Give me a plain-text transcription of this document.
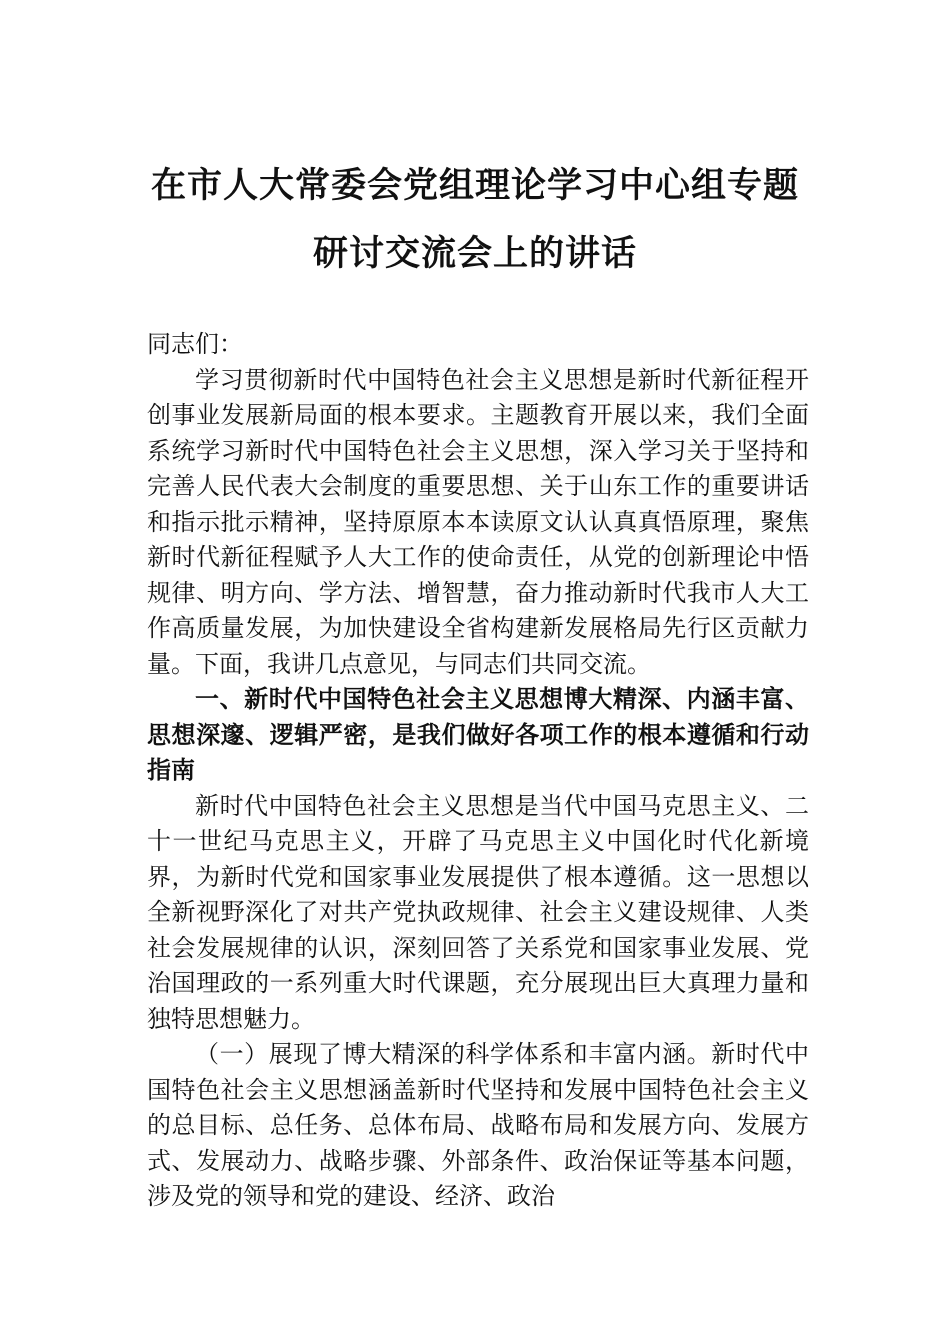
在市人大常委会党组理论学习中心组专题
研讨交流会上的讲话

同志们：

学习贯彻新时代中国特色社会主义思想是新时代新征程开创事业发展新局面的根本要求。主题教育开展以来，我们全面系统学习新时代中国特色社会主义思想，深入学习关于坚持和完善人民代表大会制度的重要思想、关于山东工作的重要讲话和指示批示精神，坚持原原本本读原文认认真真悟原理，聚焦新时代新征程赋予人大工作的使命责任，从党的创新理论中悟规律、明方向、学方法、增智慧，奋力推动新时代我市人大工作高质量发展，为加快建设全省构建新发展格局先行区贡献力量。下面，我讲几点意见，与同志们共同交流。

一、新时代中国特色社会主义思想博大精深、内涵丰富、思想深邃、逻辑严密，是我们做好各项工作的根本遵循和行动指南

新时代中国特色社会主义思想是当代中国马克思主义、二十一世纪马克思主义，开辟了马克思主义中国化时代化新境界，为新时代党和国家事业发展提供了根本遵循。这一思想以全新视野深化了对共产党执政规律、社会主义建设规律、人类社会发展规律的认识，深刻回答了关系党和国家事业发展、党治国理政的一系列重大时代课题，充分展现出巨大真理力量和独特思想魅力。

（一）展现了博大精深的科学体系和丰富内涵。新时代中国特色社会主义思想涵盖新时代坚持和发展中国特色社会主义的总目标、总任务、总体布局、战略布局和发展方向、发展方式、发展动力、战略步骤、外部条件、政治保证等基本问题，涉及党的领导和党的建设、经济、政治
